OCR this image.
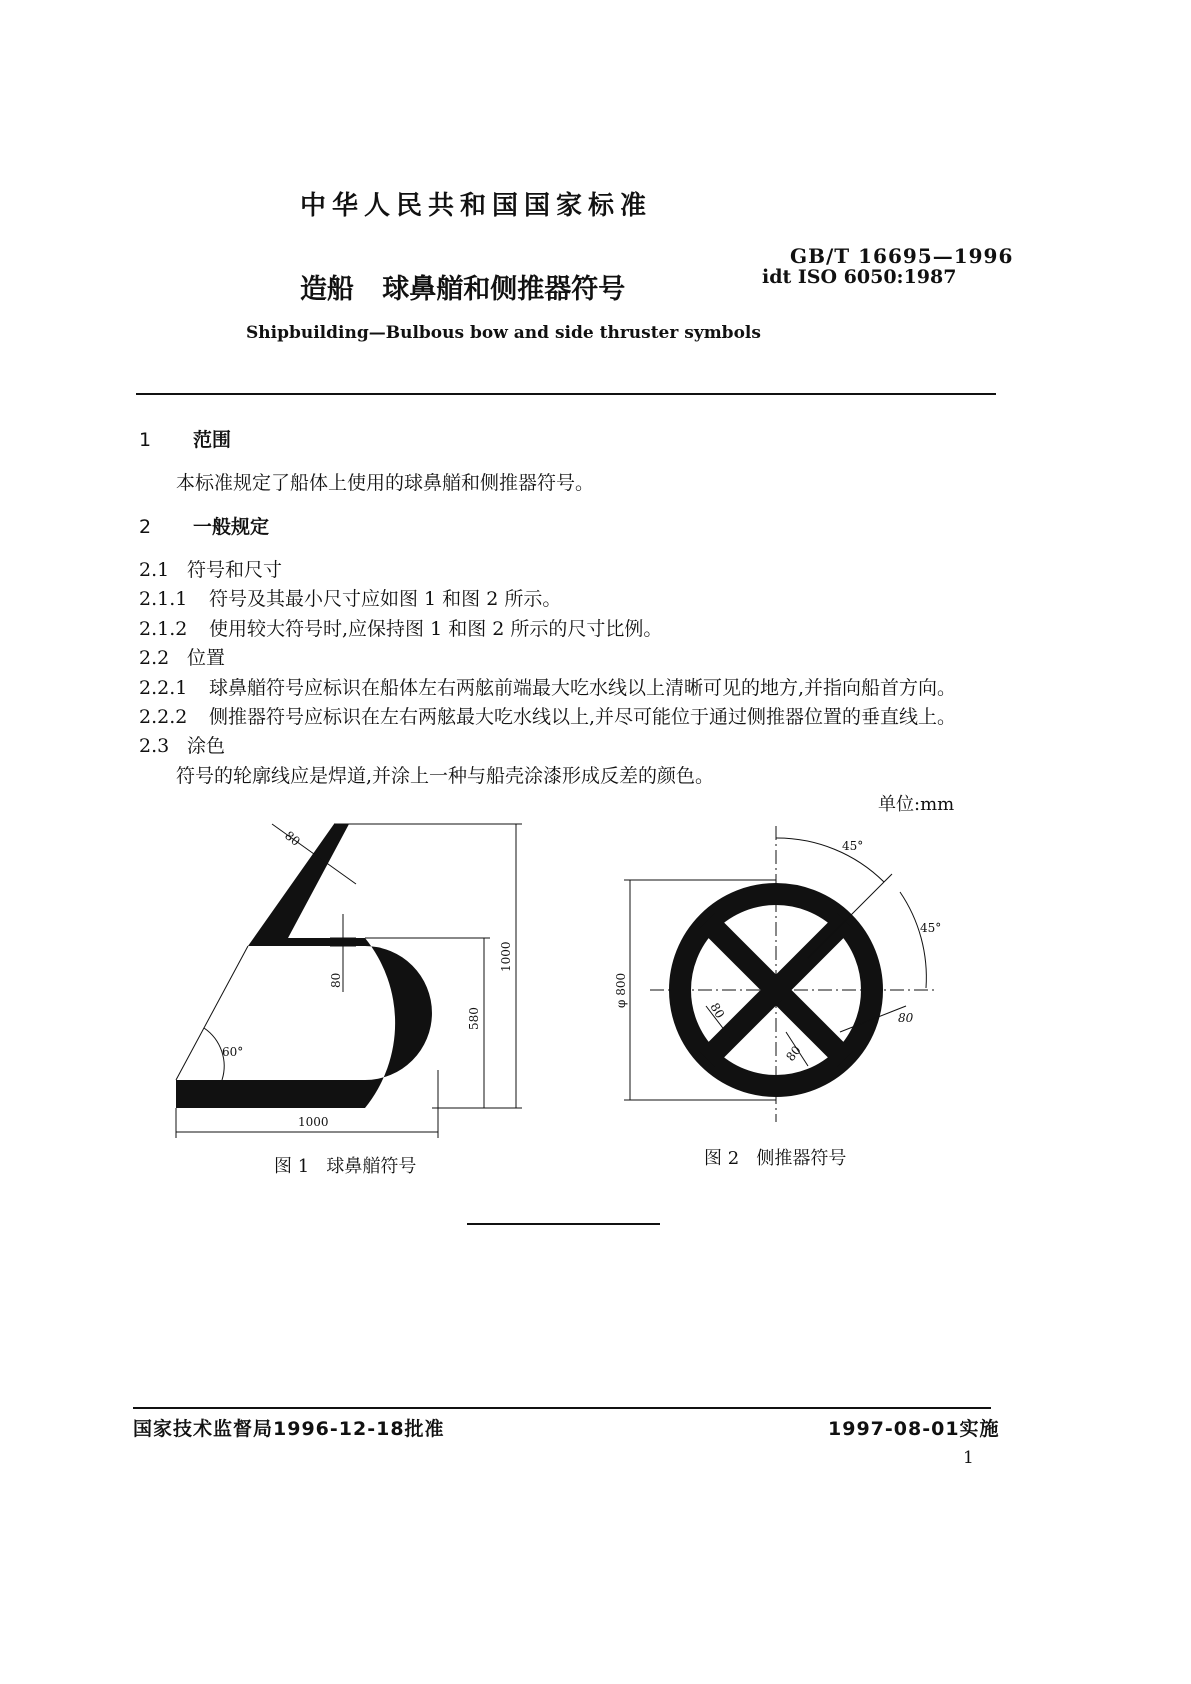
中华人民共和国国家标准
GB/T 16695—1996
idt ISO 6050:1987
造船   球鼻艏和侧推器符号
Shipbuilding—Bulbous bow and side thruster symbols
1 范围
本标准规定了船体上使用的球鼻艏和侧推器符号。
2 一般规定
2.1 符号和尺寸
2.1.1 符号及其最小尺寸应如图 1 和图 2 所示。
2.1.2 使用较大符号时,应保持图 1 和图 2 所示的尺寸比例。
2.2 位置
2.2.1 球鼻艏符号应标识在船体左右两舷前端最大吃水线以上清晰可见的地方,并指向船首方向。
2.2.2 侧推器符号应标识在左右两舷最大吃水线以上,并尽可能位于通过侧推器位置的垂直线上。
2.3 涂色
符号的轮廓线应是焊道,并涂上一种与船壳涂漆形成反差的颜色。
单位:mm
60°
80
80
1000
580
1000
图 1   球鼻艏符号
φ 800
45°
45°
80
80
80
图 2   侧推器符号
国家技术监督局1996-12-18批准	1997-08-01实施
1
